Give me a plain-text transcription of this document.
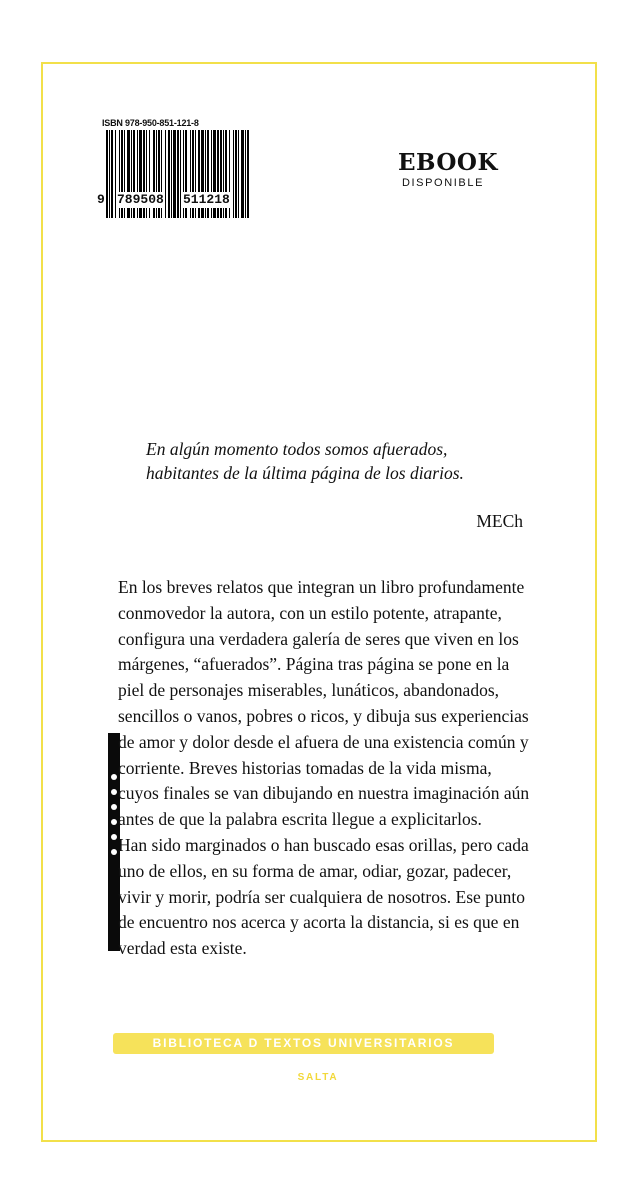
ISBN 978-950-851-121-8
9 789508 511218
EBOOK
DISPONIBLE
En algún momento todos somos afuerados,
habitantes de la última página de los diarios.
MECh

En los breves relatos que integran un libro profundamente conmovedor la autora, con un estilo potente, atrapante, configura una verdadera galería de seres que viven en los márgenes, “afuerados”. Página tras página se pone en la piel de personajes miserables, lunáticos, abandonados, sencillos o vanos, pobres o ricos, y dibuja sus experiencias de amor y dolor desde el afuera de una existencia común y corriente. Breves historias tomadas de la vida misma, cuyos finales se van dibujando en nuestra imaginación aún antes de que la palabra escrita llegue a explicitarlos.

Han sido marginados o han buscado esas orillas, pero cada uno de ellos, en su forma de amar, odiar, gozar, padecer, vivir y morir, podría ser cualquiera de nosotros. Ese punto de encuentro nos acerca y acorta la distancia, si es que en verdad esta existe.

BIBLIOTECA D TEXTOS UNIVERSITARIOS
SALTA
